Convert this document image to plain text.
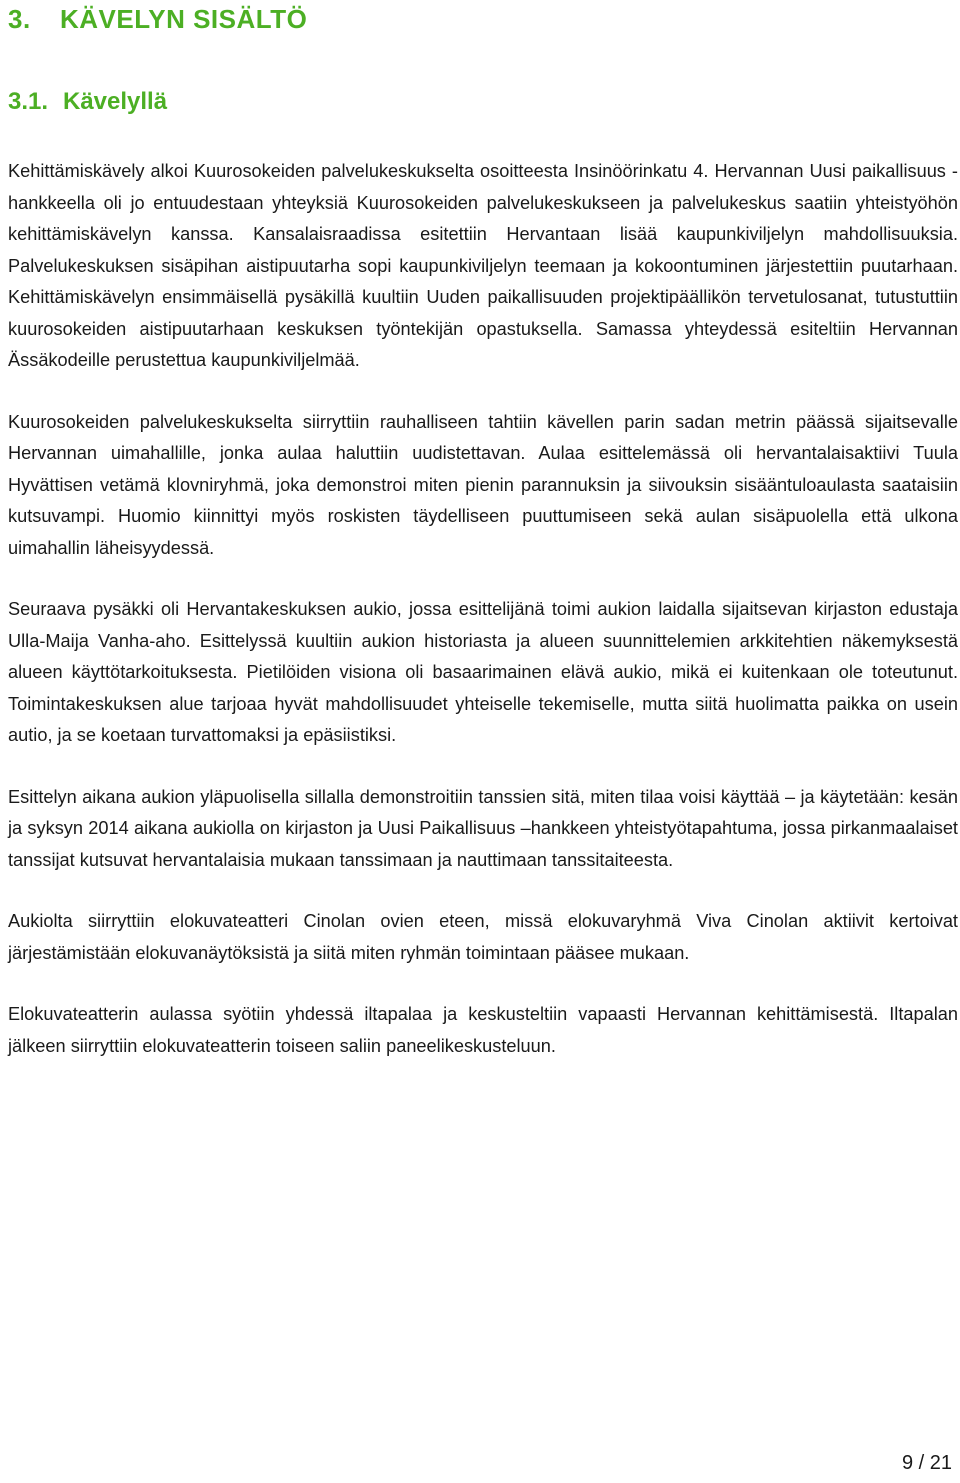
3. KÄVELYN SISÄLTÖ
3.1. Kävelyllä

Kehittämiskävely alkoi Kuurosokeiden palvelukeskukselta osoitteesta Insinöörinkatu 4. Hervannan Uusi paikallisuus -hankkeella oli jo entuudestaan yhteyksiä Kuurosokeiden palvelukeskukseen ja palvelukeskus saatiin yhteistyöhön kehittämiskävelyn kanssa. Kansalaisraadissa esitettiin Hervantaan lisää kaupunkiviljelyn mahdollisuuksia. Palvelukeskuksen sisäpihan aistipuutarha sopi kaupunkiviljelyn teemaan ja kokoontuminen järjestettiin puutarhaan. Kehittämiskävelyn ensimmäisellä pysäkillä kuultiin Uuden paikallisuuden projektipäällikön tervetulosanat, tutustuttiin kuurosokeiden aistipuutarhaan keskuksen työntekijän opastuksella. Samassa yhteydessä esiteltiin Hervannan Ässäkodeille perustettua kaupunkiviljelmää.

Kuurosokeiden palvelukeskukselta siirryttiin rauhalliseen tahtiin kävellen parin sadan metrin päässä sijaitsevalle Hervannan uimahallille, jonka aulaa haluttiin uudistettavan. Aulaa esittelemässä oli hervantalaisaktiivi Tuula Hyvättisen vetämä klovniryhmä, joka demonstroi miten pienin parannuksin ja siivouksin sisääntuloaulasta saataisiin kutsuvampi. Huomio kiinnittyi myös roskisten täydelliseen puuttumiseen sekä aulan sisäpuolella että ulkona uimahallin läheisyydessä.

Seuraava pysäkki oli Hervantakeskuksen aukio, jossa esittelijänä toimi aukion laidalla sijaitsevan kirjaston edustaja Ulla-Maija Vanha-aho. Esittelyssä kuultiin aukion historiasta ja alueen suunnittelemien arkkitehtien näkemyksestä alueen käyttötarkoituksesta. Pietilöiden visiona oli basaarimainen elävä aukio, mikä ei kuitenkaan ole toteutunut. Toimintakeskuksen alue tarjoaa hyvät mahdollisuudet yhteiselle tekemiselle, mutta siitä huolimatta paikka on usein autio, ja se koetaan turvattomaksi ja epäsiistiksi.

Esittelyn aikana aukion yläpuolisella sillalla demonstroitiin tanssien sitä, miten tilaa voisi käyttää – ja käytetään: kesän ja syksyn 2014 aikana aukiolla on kirjaston ja Uusi Paikallisuus –hankkeen yhteistyötapahtuma, jossa pirkanmaalaiset tanssijat kutsuvat hervantalaisia mukaan tanssimaan ja nauttimaan tanssitaiteesta.

Aukiolta siirryttiin elokuvateatteri Cinolan ovien eteen, missä elokuvaryhmä Viva Cinolan aktiivit kertoivat järjestämistään elokuvanäytöksistä ja siitä miten ryhmän toimintaan pääsee mukaan.

Elokuvateatterin aulassa syötiin yhdessä iltapalaa ja keskusteltiin vapaasti Hervannan kehittämisestä. Iltapalan jälkeen siirryttiin elokuvateatterin toiseen saliin paneelikeskusteluun.

9 / 21
